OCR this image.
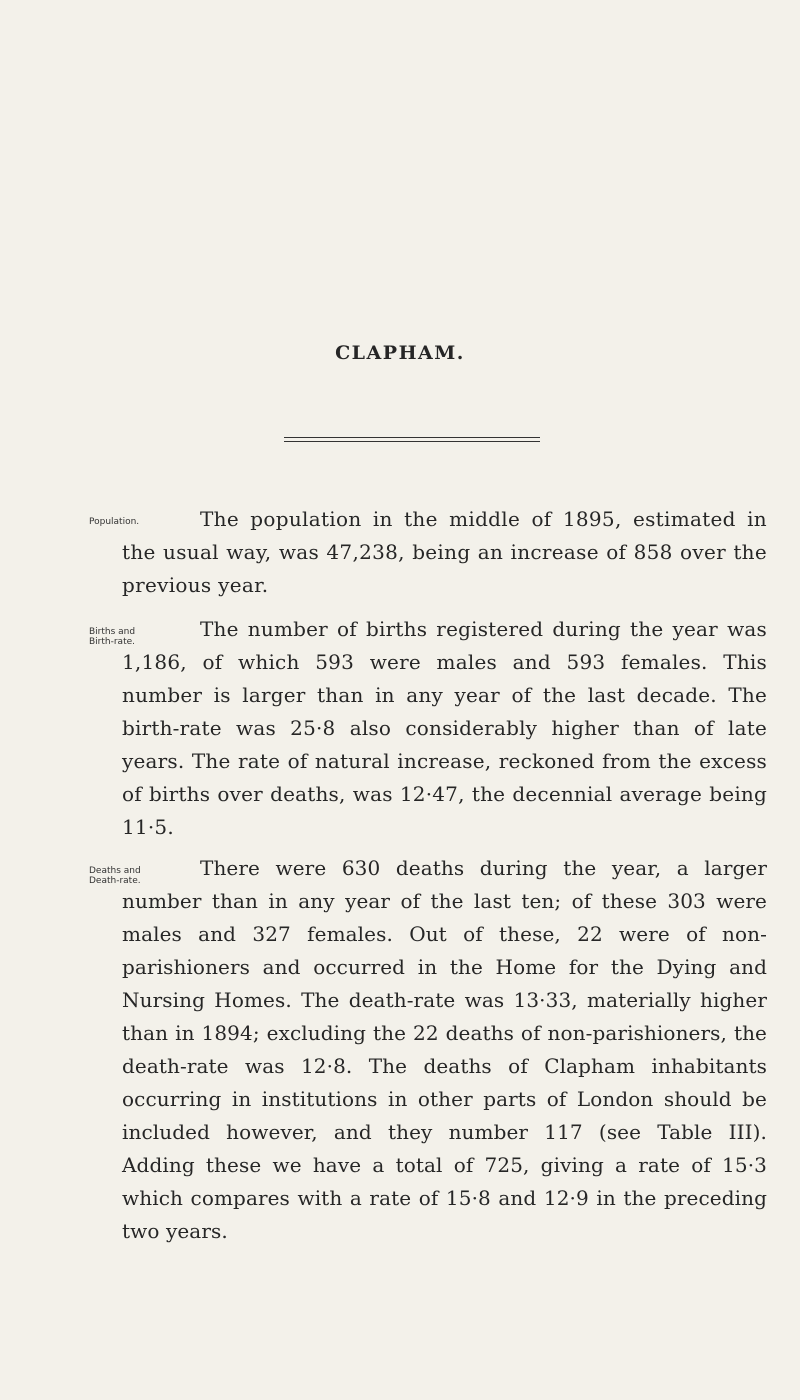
CLAPHAM.
Population.	The population in the middle of 1895, estimated in the usual way, was 47,238, being an increase of 858 over the previous year.

Births and
Birth-rate.

The number of births registered during the year was 1,186, of which 593 were males and 593 females. This number is larger than in any year of the last decade. The birth-rate was 25·8 also considerably higher than of late years. The rate of natural increase, reckoned from the excess of births over deaths, was 12·47, the decennial average being 11·5.

Deaths and
Death-rate.

There were 630 deaths during the year, a larger number than in any year of the last ten; of these 303 were males and 327 females. Out of these, 22 were of non-parishioners and occurred in the Home for the Dying and Nursing Homes. The death-rate was 13·33, materially higher than in 1894; excluding the 22 deaths of non-parishioners, the death-rate was 12·8. The deaths of Clapham inhabitants occurring in institutions in other parts of London should be included however, and they number 117 (see Table III). Adding these we have a total of 725, giving a rate of 15·3 which compares with a rate of 15·8 and 12·9 in the preceding two years.
